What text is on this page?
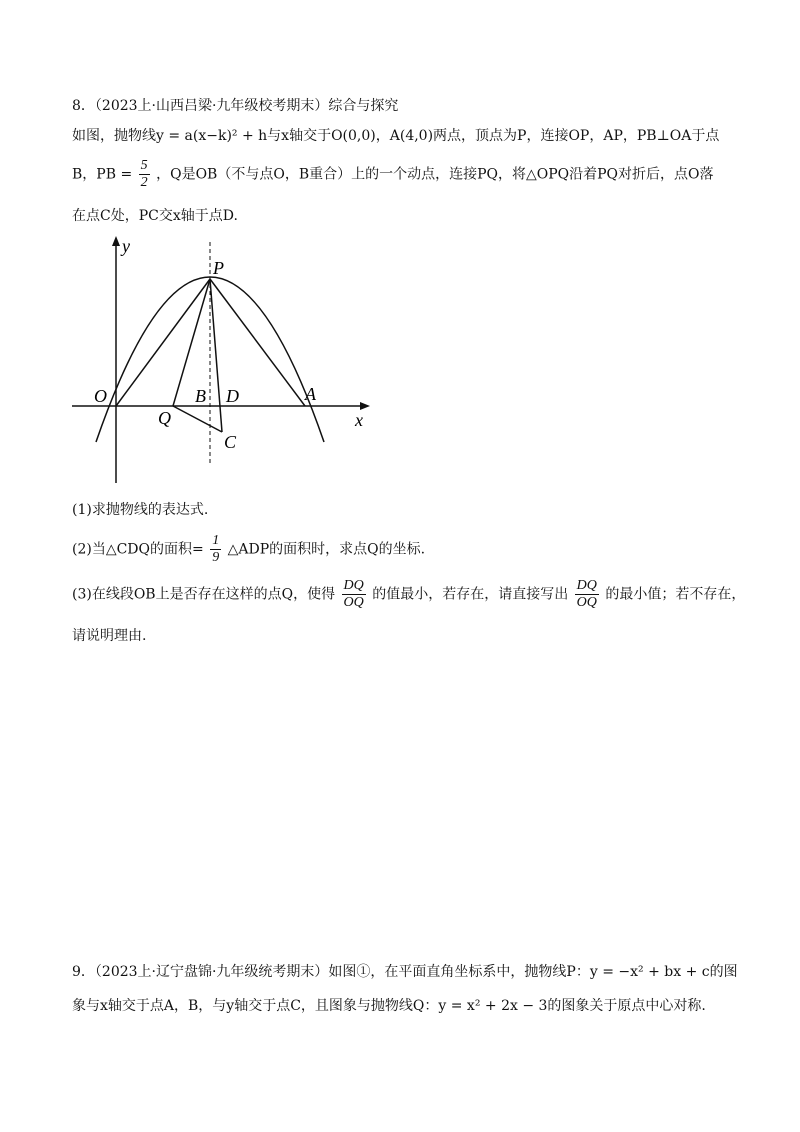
8．（2023上·山西吕梁·九年级校考期末）综合与探究
如图，抛物线y = a(x−k)² + h与x轴交于O(0,0)，A(4,0)两点，顶点为P，连接OP，AP，PB⊥OA于点
B，PB = $\frac{5}{2}$ ，Q是OB（不与点O，B重合）上的一个动点，连接PQ，将△OPQ沿着PQ对折后，点O落
在点C处，PC交x轴于点D.
y
x
P
O
Q
B D	A
C
(1)求抛物线的表达式.
(2)当△CDQ的面积= $\frac{1}{9}$ △ADP的面积时，求点Q的坐标.
(3)在线段OB上是否存在这样的点Q，使得 $\frac{DQ}{OQ}$ 的值最小，若存在，请直接写出 $\frac{DQ}{OQ}$ 的最小值；若不存在，
请说明理由.
9．（2023上·辽宁盘锦·九年级统考期末）如图①，在平面直角坐标系中，抛物线P：y = −x² + bx + c的图
象与x轴交于点A，B，与y轴交于点C，且图象与抛物线Q：y = x² + 2x − 3的图象关于原点中心对称.
